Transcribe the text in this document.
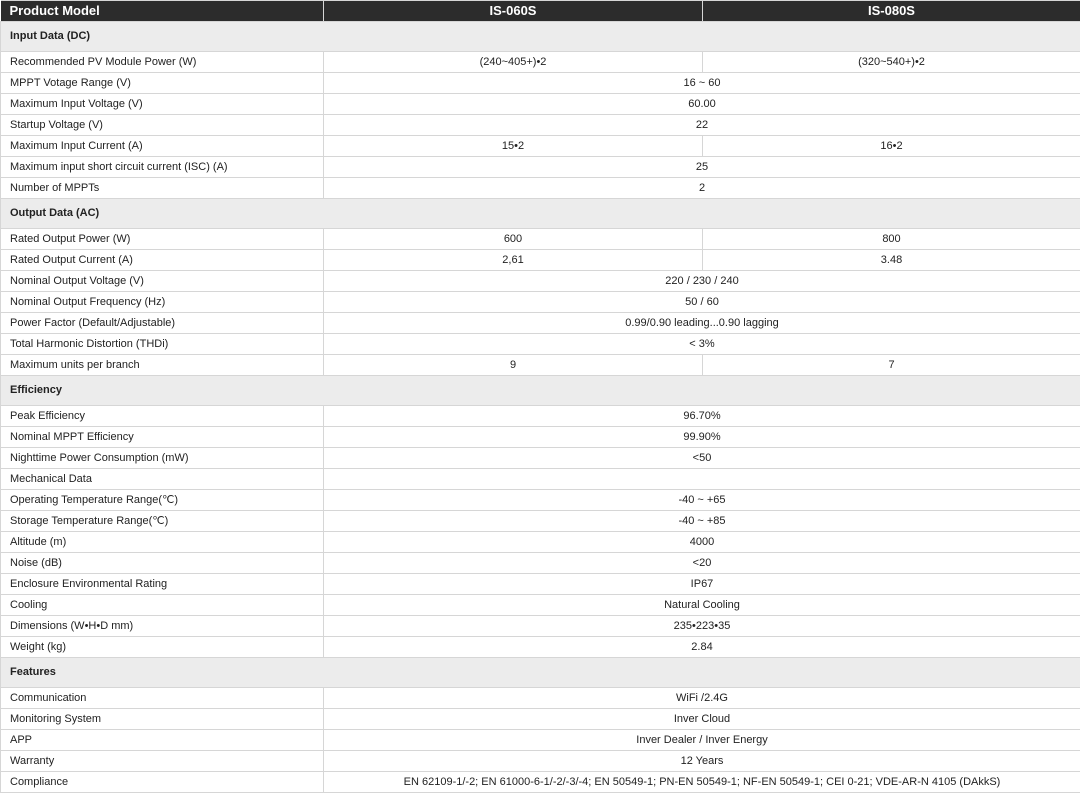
Product Model	IS-060S	IS-080S
Input Data (DC)		
Recommended PV Module Power (W)	(240~405+)•2	(320~540+)•2
MPPT Votage Range (V)	16 ~ 60	
Maximum Input Voltage (V)	60.00	
Startup Voltage (V)	22	
Maximum Input Current (A)	15•2	16•2
Maximum input short circuit current (ISC) (A)	25	
Number of MPPTs	2	
Output Data (AC)		
Rated Output Power (W)	600	800
Rated Output Current (A)	2,61	3.48
Nominal Output Voltage (V)	220 / 230 / 240	
Nominal Output Frequency (Hz)	50 / 60	
Power Factor (Default/Adjustable)	0.99/0.90 leading...0.90 lagging	
Total Harmonic Distortion (THDi)	< 3%	
Maximum units per branch	9	7
Efficiency		
Peak Efficiency	96.70%	
Nominal MPPT Efficiency	99.90%	
Nighttime Power Consumption (mW)	<50	
Mechanical Data		
Operating Temperature Range(℃)	-40 ~ +65	
Storage Temperature Range(℃)	-40 ~ +85	
Altitude (m)	4000	
Noise (dB)	<20	
Enclosure Environmental Rating	IP67	
Cooling	Natural Cooling	
Dimensions (W•H•D mm)	235•223•35	
Weight (kg)	2.84	
Features		
Communication	WiFi /2.4G	
Monitoring System	Inver Cloud	
APP	Inver Dealer / Inver Energy	
Warranty	12 Years	
Compliance	EN 62109-1/-2; EN 61000-6-1/-2/-3/-4; EN 50549-1; PN-EN 50549-1; NF-EN 50549-1; CEI 0-21; VDE-AR-N 4105 (DAkkS)	
